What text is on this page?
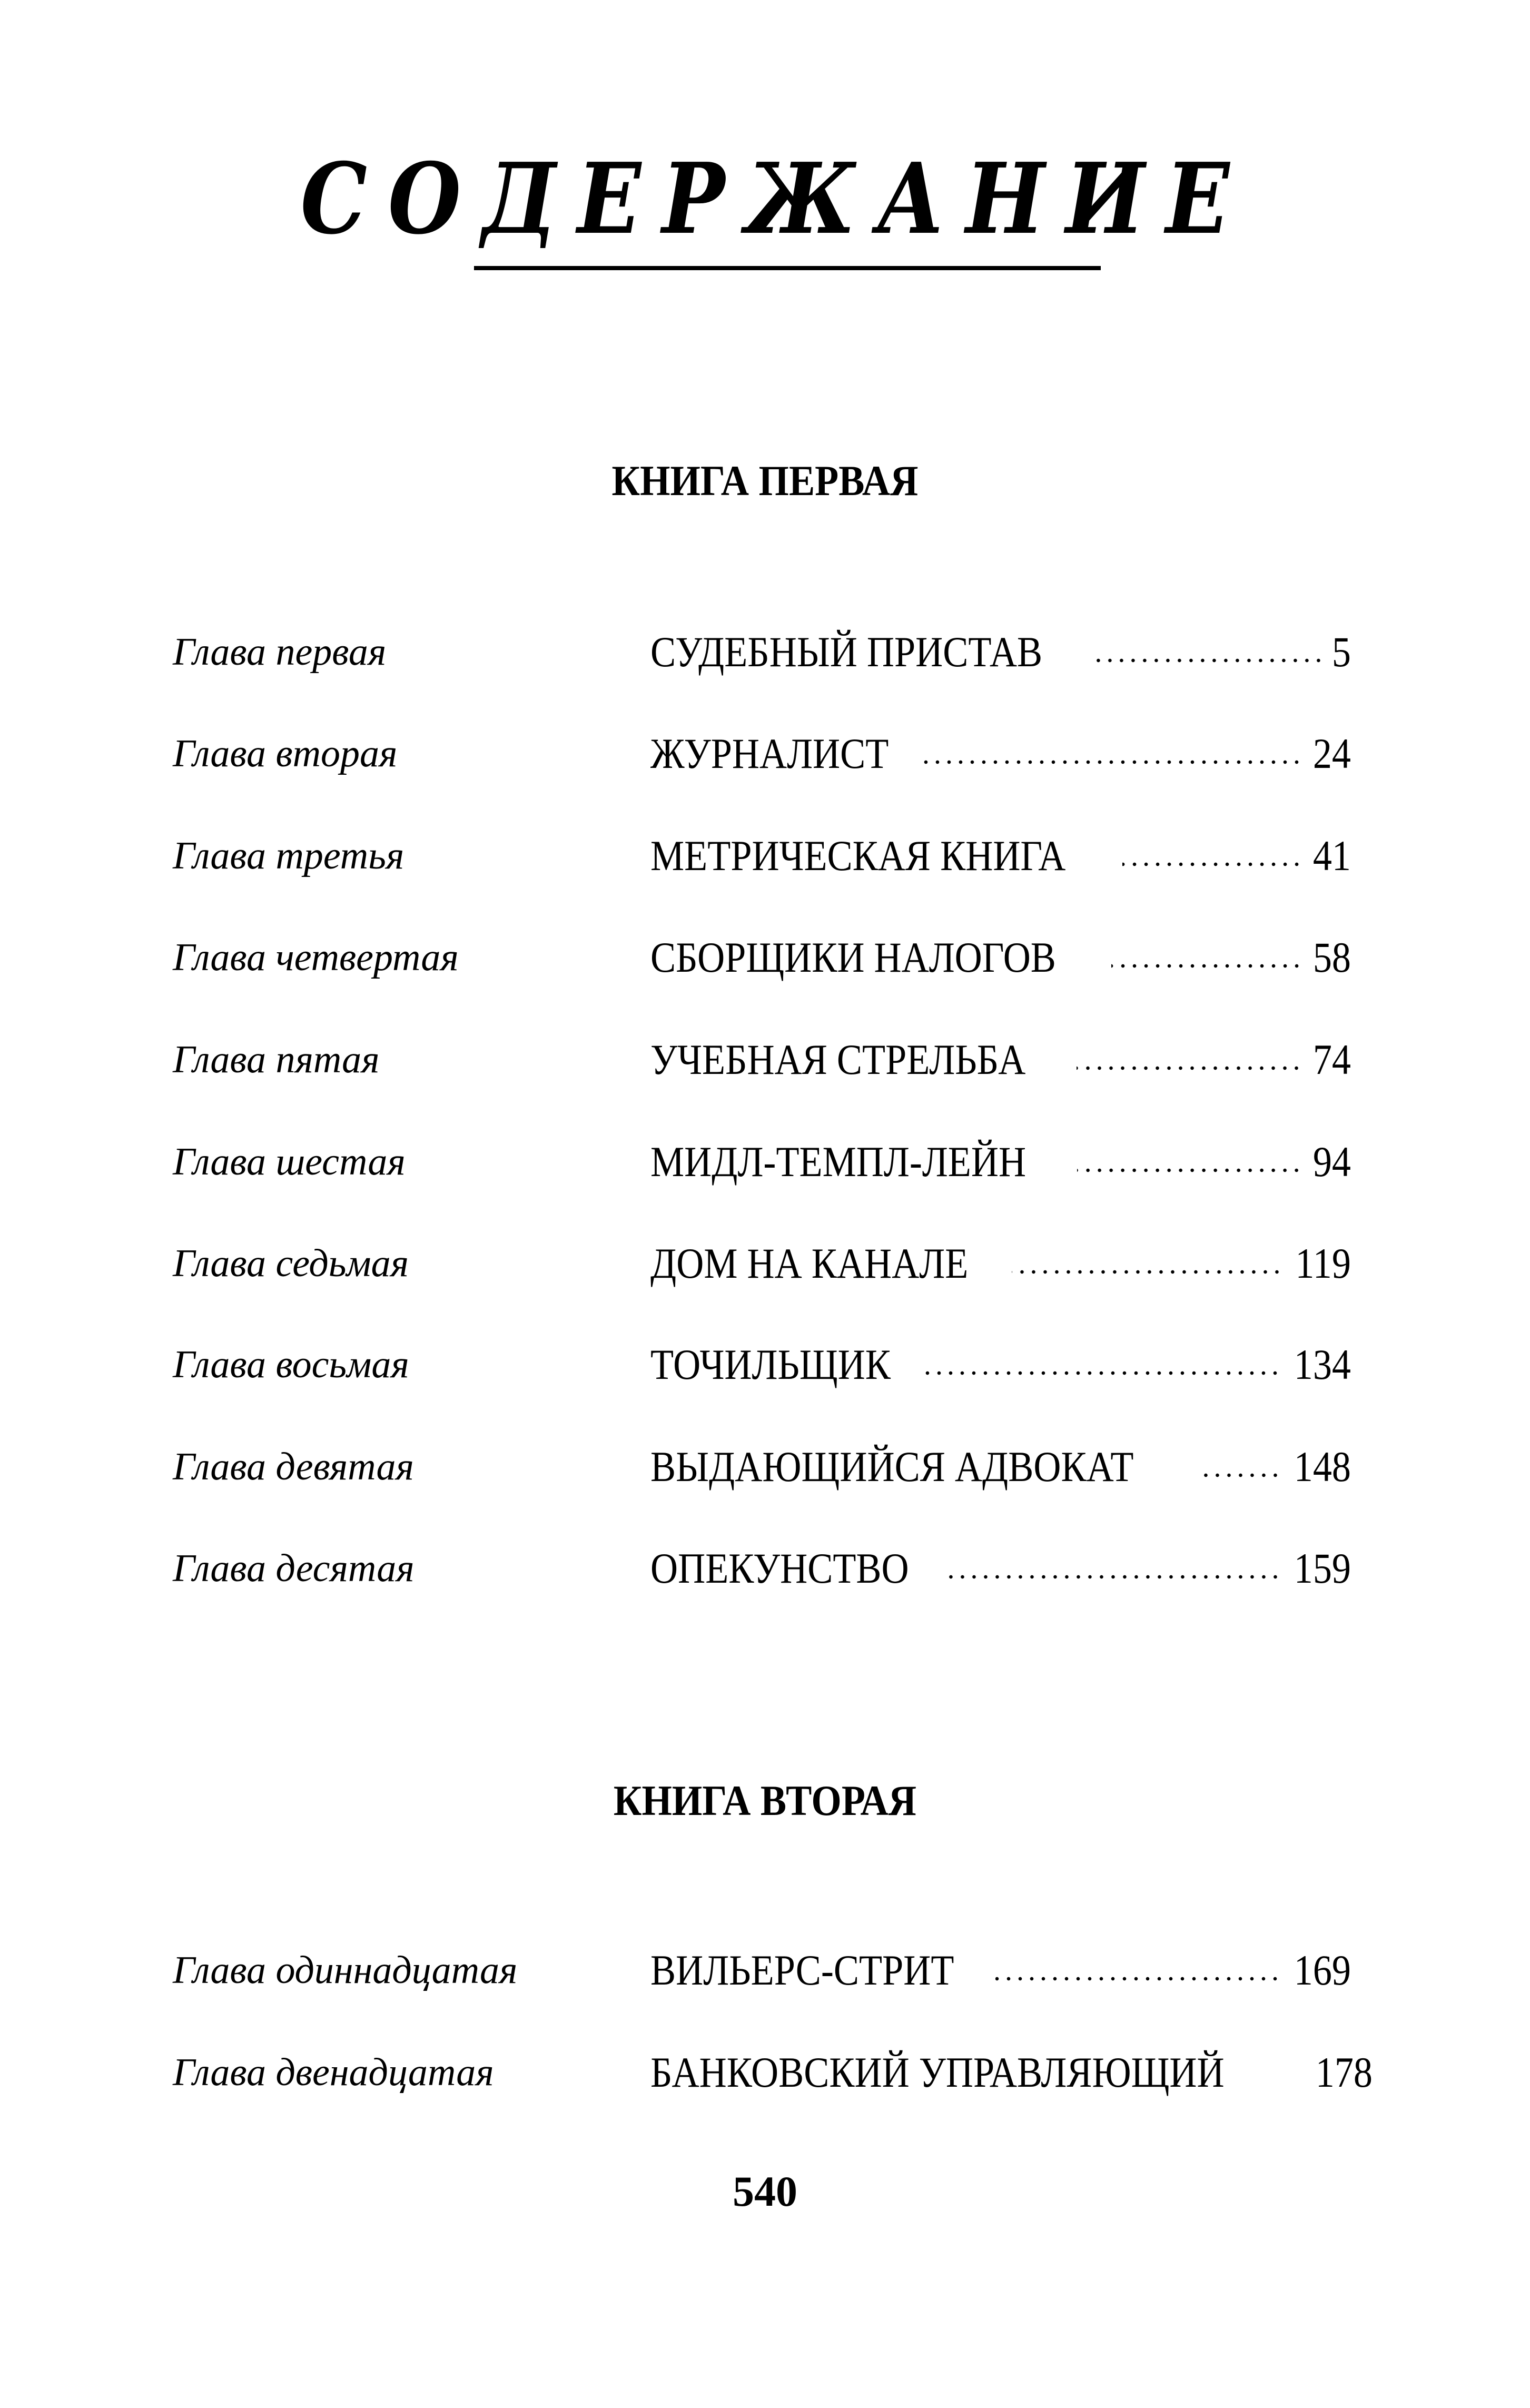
СОДЕРЖАНИЕ
КНИГА ПЕРВАЯ
Глава первая	СУДЕБНЫЙ ПРИСТАВ	5
Глава вторая	ЖУРНАЛИСТ	24
Глава третья	МЕТРИЧЕСКАЯ КНИГА	41
Глава четвертая	СБОРЩИКИ НАЛОГОВ	58
Глава пятая	УЧЕБНАЯ СТРЕЛЬБА	74
Глава шестая	МИДЛ-ТЕМПЛ-ЛЕЙН	94
Глава седьмая	ДОМ НА КАНАЛЕ	119
Глава восьмая	ТОЧИЛЬЩИК	134
Глава девятая	ВЫДАЮЩИЙСЯ АДВОКАТ	148
Глава десятая	ОПЕКУНСТВО	159
КНИГА ВТОРАЯ
Глава одиннадцатая	ВИЛЬЕРС-СТРИТ	169
Глава двенадцатая	БАНКОВСКИЙ УПРАВЛЯЮЩИЙ 178
540
